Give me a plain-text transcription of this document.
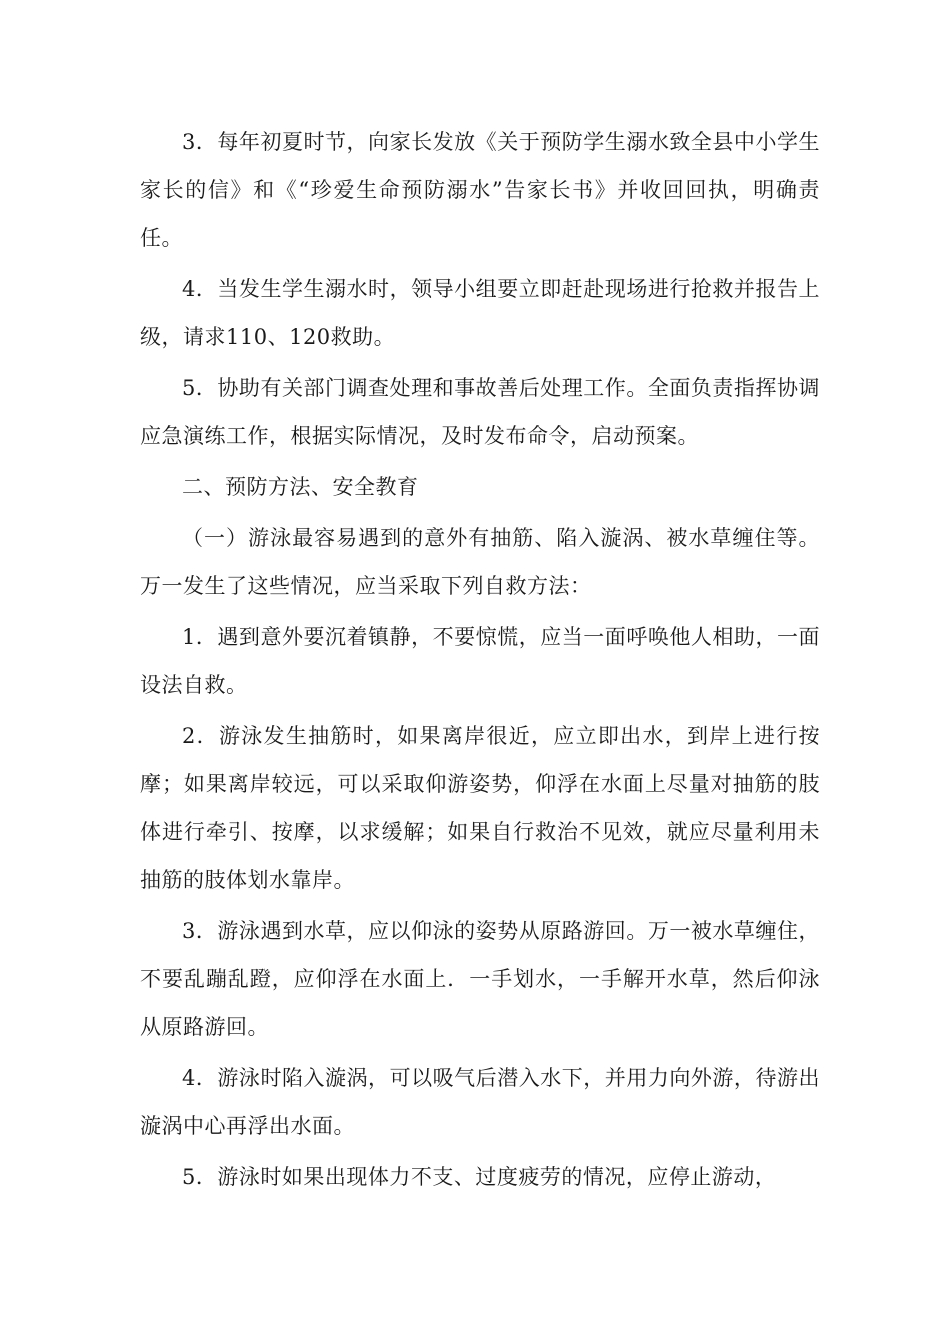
3．每年初夏时节，向家长发放《关于预防学生溺水致全县中小学生家长的信》和《“珍爱生命预防溺水”告家长书》并收回回执，明确责任。

4．当发生学生溺水时，领导小组要立即赶赴现场进行抢救并报告上级，请求110、120救助。

5．协助有关部门调查处理和事故善后处理工作。全面负责指挥协调应急演练工作，根据实际情况，及时发布命令，启动预案。

二、预防方法、安全教育

（一）游泳最容易遇到的意外有抽筋、陷入漩涡、被水草缠住等。万一发生了这些情况，应当采取下列自救方法：

1．遇到意外要沉着镇静，不要惊慌，应当一面呼唤他人相助，一面设法自救。

2．游泳发生抽筋时，如果离岸很近，应立即出水，到岸上进行按摩；如果离岸较远，可以采取仰游姿势，仰浮在水面上尽量对抽筋的肢体进行牵引、按摩，以求缓解；如果自行救治不见效，就应尽量利用未抽筋的肢体划水靠岸。

3．游泳遇到水草，应以仰泳的姿势从原路游回。万一被水草缠住，不要乱蹦乱蹬，应仰浮在水面上．一手划水，一手解开水草，然后仰泳从原路游回。

4．游泳时陷入漩涡，可以吸气后潜入水下，并用力向外游，待游出漩涡中心再浮出水面。

5．游泳时如果出现体力不支、过度疲劳的情况，应停止游动，
